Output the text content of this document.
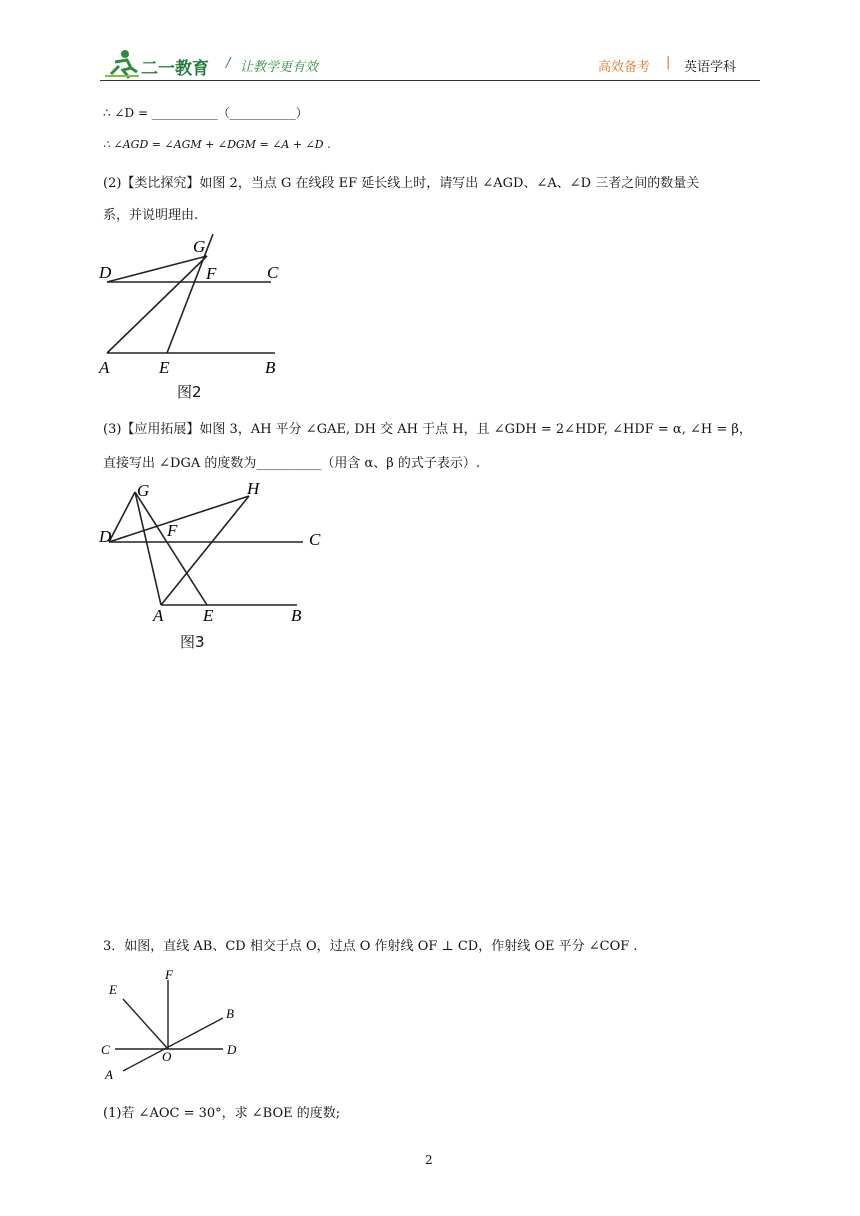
二一教育 / 让教学更有效	高效备考 | 英语学科
∴ ∠D = ___________（___________）
∴ ∠AGD = ∠AGM + ∠DGM = ∠A + ∠D .
(2)【类比探究】如图 2，当点 G 在线段 EF 延长线上时，请写出 ∠AGD、∠A、∠D 三者之间的数量关
系，并说明理由.
G
D	F	C
A	E	B
图2
(3)【应用拓展】如图 3，AH 平分 ∠GAE, DH 交 AH 于点 H，且 ∠GDH = 2∠HDF, ∠HDF = α, ∠H = β，
直接写出 ∠DGA 的度数为__________（用含 α、β 的式子表示）.
G	H
D	F	C
A E	B
图3
3．如图，直线 AB、CD 相交于点 O，过点 O 作射线 OF ⊥ CD，作射线 OE 平分 ∠COF .
F
E
B
C	O	D
A
(1)若 ∠AOC = 30°，求 ∠BOE 的度数;
2
